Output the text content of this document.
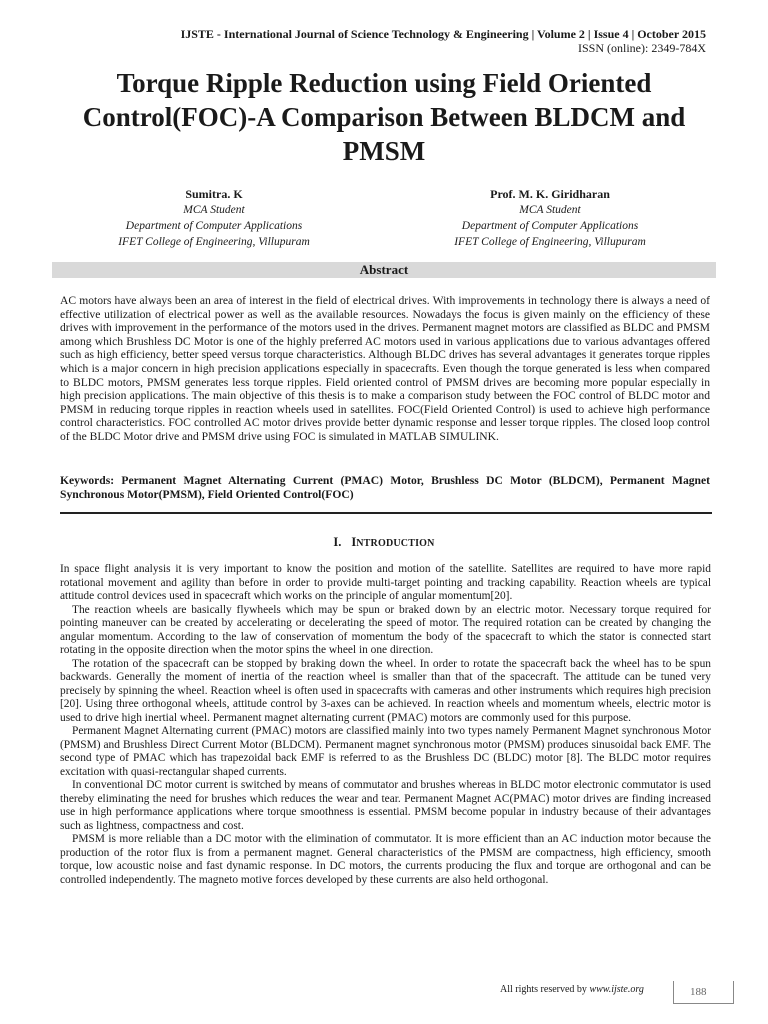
IJSTE - International Journal of Science Technology & Engineering | Volume 2 | Issue 4 | October 2015
ISSN (online): 2349-784X
Torque Ripple Reduction using Field Oriented Control(FOC)-A Comparison Between BLDCM and PMSM
Sumitra. K
MCA Student
Department of Computer Applications
IFET College of Engineering, Villupuram
Prof. M. K. Giridharan
MCA Student
Department of Computer Applications
IFET College of Engineering, Villupuram
Abstract
AC motors have always been an area of interest in the field of electrical drives. With improvements in technology there is always a need of effective utilization of electrical power as well as the available resources. Nowadays the focus is given mainly on the efficiency of these drives with improvement in the performance of the motors used in the drives. Permanent magnet motors are classified as BLDC and PMSM among which Brushless DC Motor is one of the highly preferred AC motors used in various applications due to various advantages offered such as high efficiency, better speed versus torque characteristics. Although BLDC drives has several advantages it generates torque ripples which is a major concern in high precision applications especially in spacecrafts. Even though the torque generated is less when compared to BLDC motors, PMSM generates less torque ripples. Field oriented control of PMSM drives are becoming more popular especially in high precision applications. The main objective of this thesis is to make a comparison study between the FOC control of BLDC motor and PMSM in reducing torque ripples in reaction wheels used in satellites. FOC(Field Oriented Control) is used to achieve high performance control characteristics. FOC controlled AC motor drives provide better dynamic response and lesser torque ripples. The closed loop control of the BLDC Motor drive and PMSM drive using FOC is simulated in MATLAB SIMULINK.
Keywords: Permanent Magnet Alternating Current (PMAC) Motor, Brushless DC Motor (BLDCM), Permanent Magnet Synchronous Motor(PMSM), Field Oriented Control(FOC)
I. INTRODUCTION

In space flight analysis it is very important to know the position and motion of the satellite. Satellites are required to have more rapid rotational movement and agility than before in order to provide multi-target pointing and tracking capability. Reaction wheels are typical attitude control devices used in spacecraft which works on the principle of angular momentum[20].

The reaction wheels are basically flywheels which may be spun or braked down by an electric motor. Necessary torque required for pointing maneuver can be created by accelerating or decelerating the speed of motor. The required rotation can be created by changing the angular momentum. According to the law of conservation of momentum the body of the spacecraft to which the stator is connected start rotating in the opposite direction when the motor spins the wheel in one direction.

The rotation of the spacecraft can be stopped by braking down the wheel. In order to rotate the spacecraft back the wheel has to be spun backwards. Generally the moment of inertia of the reaction wheel is smaller than that of the spacecraft. The attitude can be tuned very precisely by spinning the wheel. Reaction wheel is often used in spacecrafts with cameras and other instruments which requires high precision [20]. Using three orthogonal wheels, attitude control by 3-axes can be achieved. In reaction wheels and momentum wheels, electric motor is used to drive high inertial wheel. Permanent magnet alternating current (PMAC) motors are commonly used for this purpose.

Permanent Magnet Alternating current (PMAC) motors are classified mainly into two types namely Permanent Magnet synchronous Motor (PMSM) and Brushless Direct Current Motor (BLDCM). Permanent magnet synchronous motor (PMSM) produces sinusoidal back EMF. The second type of PMAC which has trapezoidal back EMF is referred to as the Brushless DC (BLDC) motor [8]. The BLDC motor requires excitation with quasi-rectangular shaped currents.

In conventional DC motor current is switched by means of commutator and brushes whereas in BLDC motor electronic commutator is used thereby eliminating the need for brushes which reduces the wear and tear. Permanent Magnet AC(PMAC) motor drives are finding increased use in high performance applications where torque smoothness is essential. PMSM become popular in industry because of their advantages such as lightness, compactness and cost.

PMSM is more reliable than a DC motor with the elimination of commutator. It is more efficient than an AC induction motor because the production of the rotor flux is from a permanent magnet. General characteristics of the PMSM are compactness, high efficiency, smooth torque, low acoustic noise and fast dynamic response. In DC motors, the currents producing the flux and torque are orthogonal and can be controlled independently. The magneto motive forces developed by these currents are also held orthogonal.

All rights reserved by www.ijste.org	188
